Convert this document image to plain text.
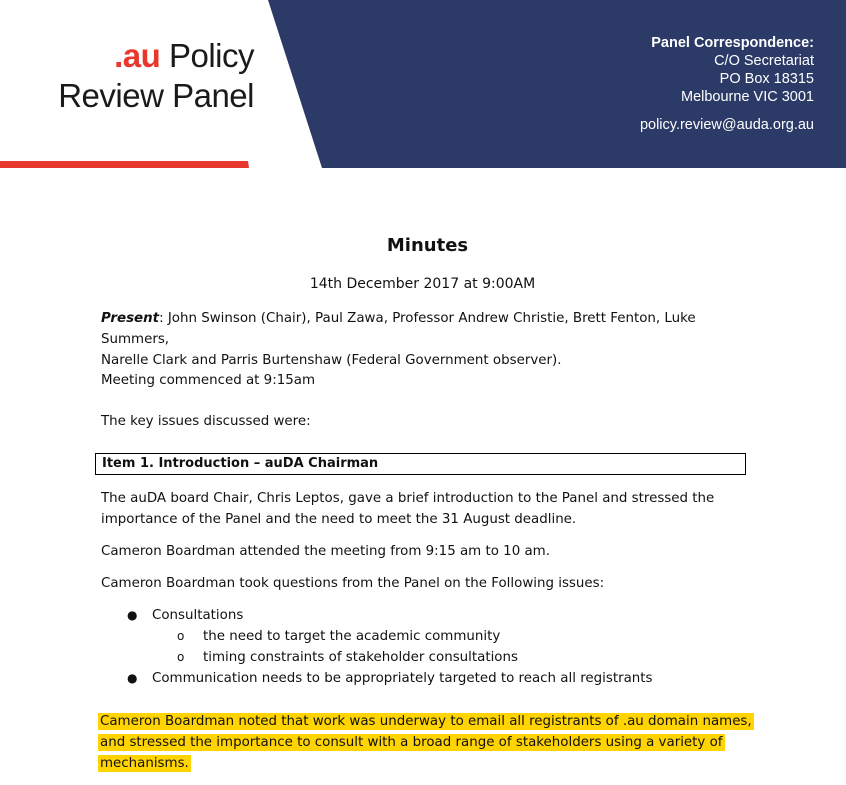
.au Policy
Review Panel
Panel Correspondence:
C/O Secretariat
PO Box 18315
Melbourne VIC 3001
policy.review@auda.org.au
Minutes
14th December 2017 at 9:00AM

Present: John Swinson (Chair), Paul Zawa, Professor Andrew Christie, Brett Fenton, Luke Summers,
Narelle Clark and Parris Burtenshaw (Federal Government observer).

Meeting commenced at 9:15am

The key issues discussed were:

Item 1. Introduction – auDA Chairman

The auDA board Chair, Chris Leptos, gave a brief introduction to the Panel and stressed the
importance of the Panel and the need to meet the 31 August deadline.

Cameron Boardman attended the meeting from 9:15 am to 10 am.

Cameron Boardman took questions from the Panel on the Following issues:

● Consultations
o the need to target the academic community
o timing constraints of stakeholder consultations
● Communication needs to be appropriately targeted to reach all registrants
Cameron Boardman noted that work was underway to email all registrants of .au domain names,
and stressed the importance to consult with a broad range of stakeholders using a variety of
mechanisms.
